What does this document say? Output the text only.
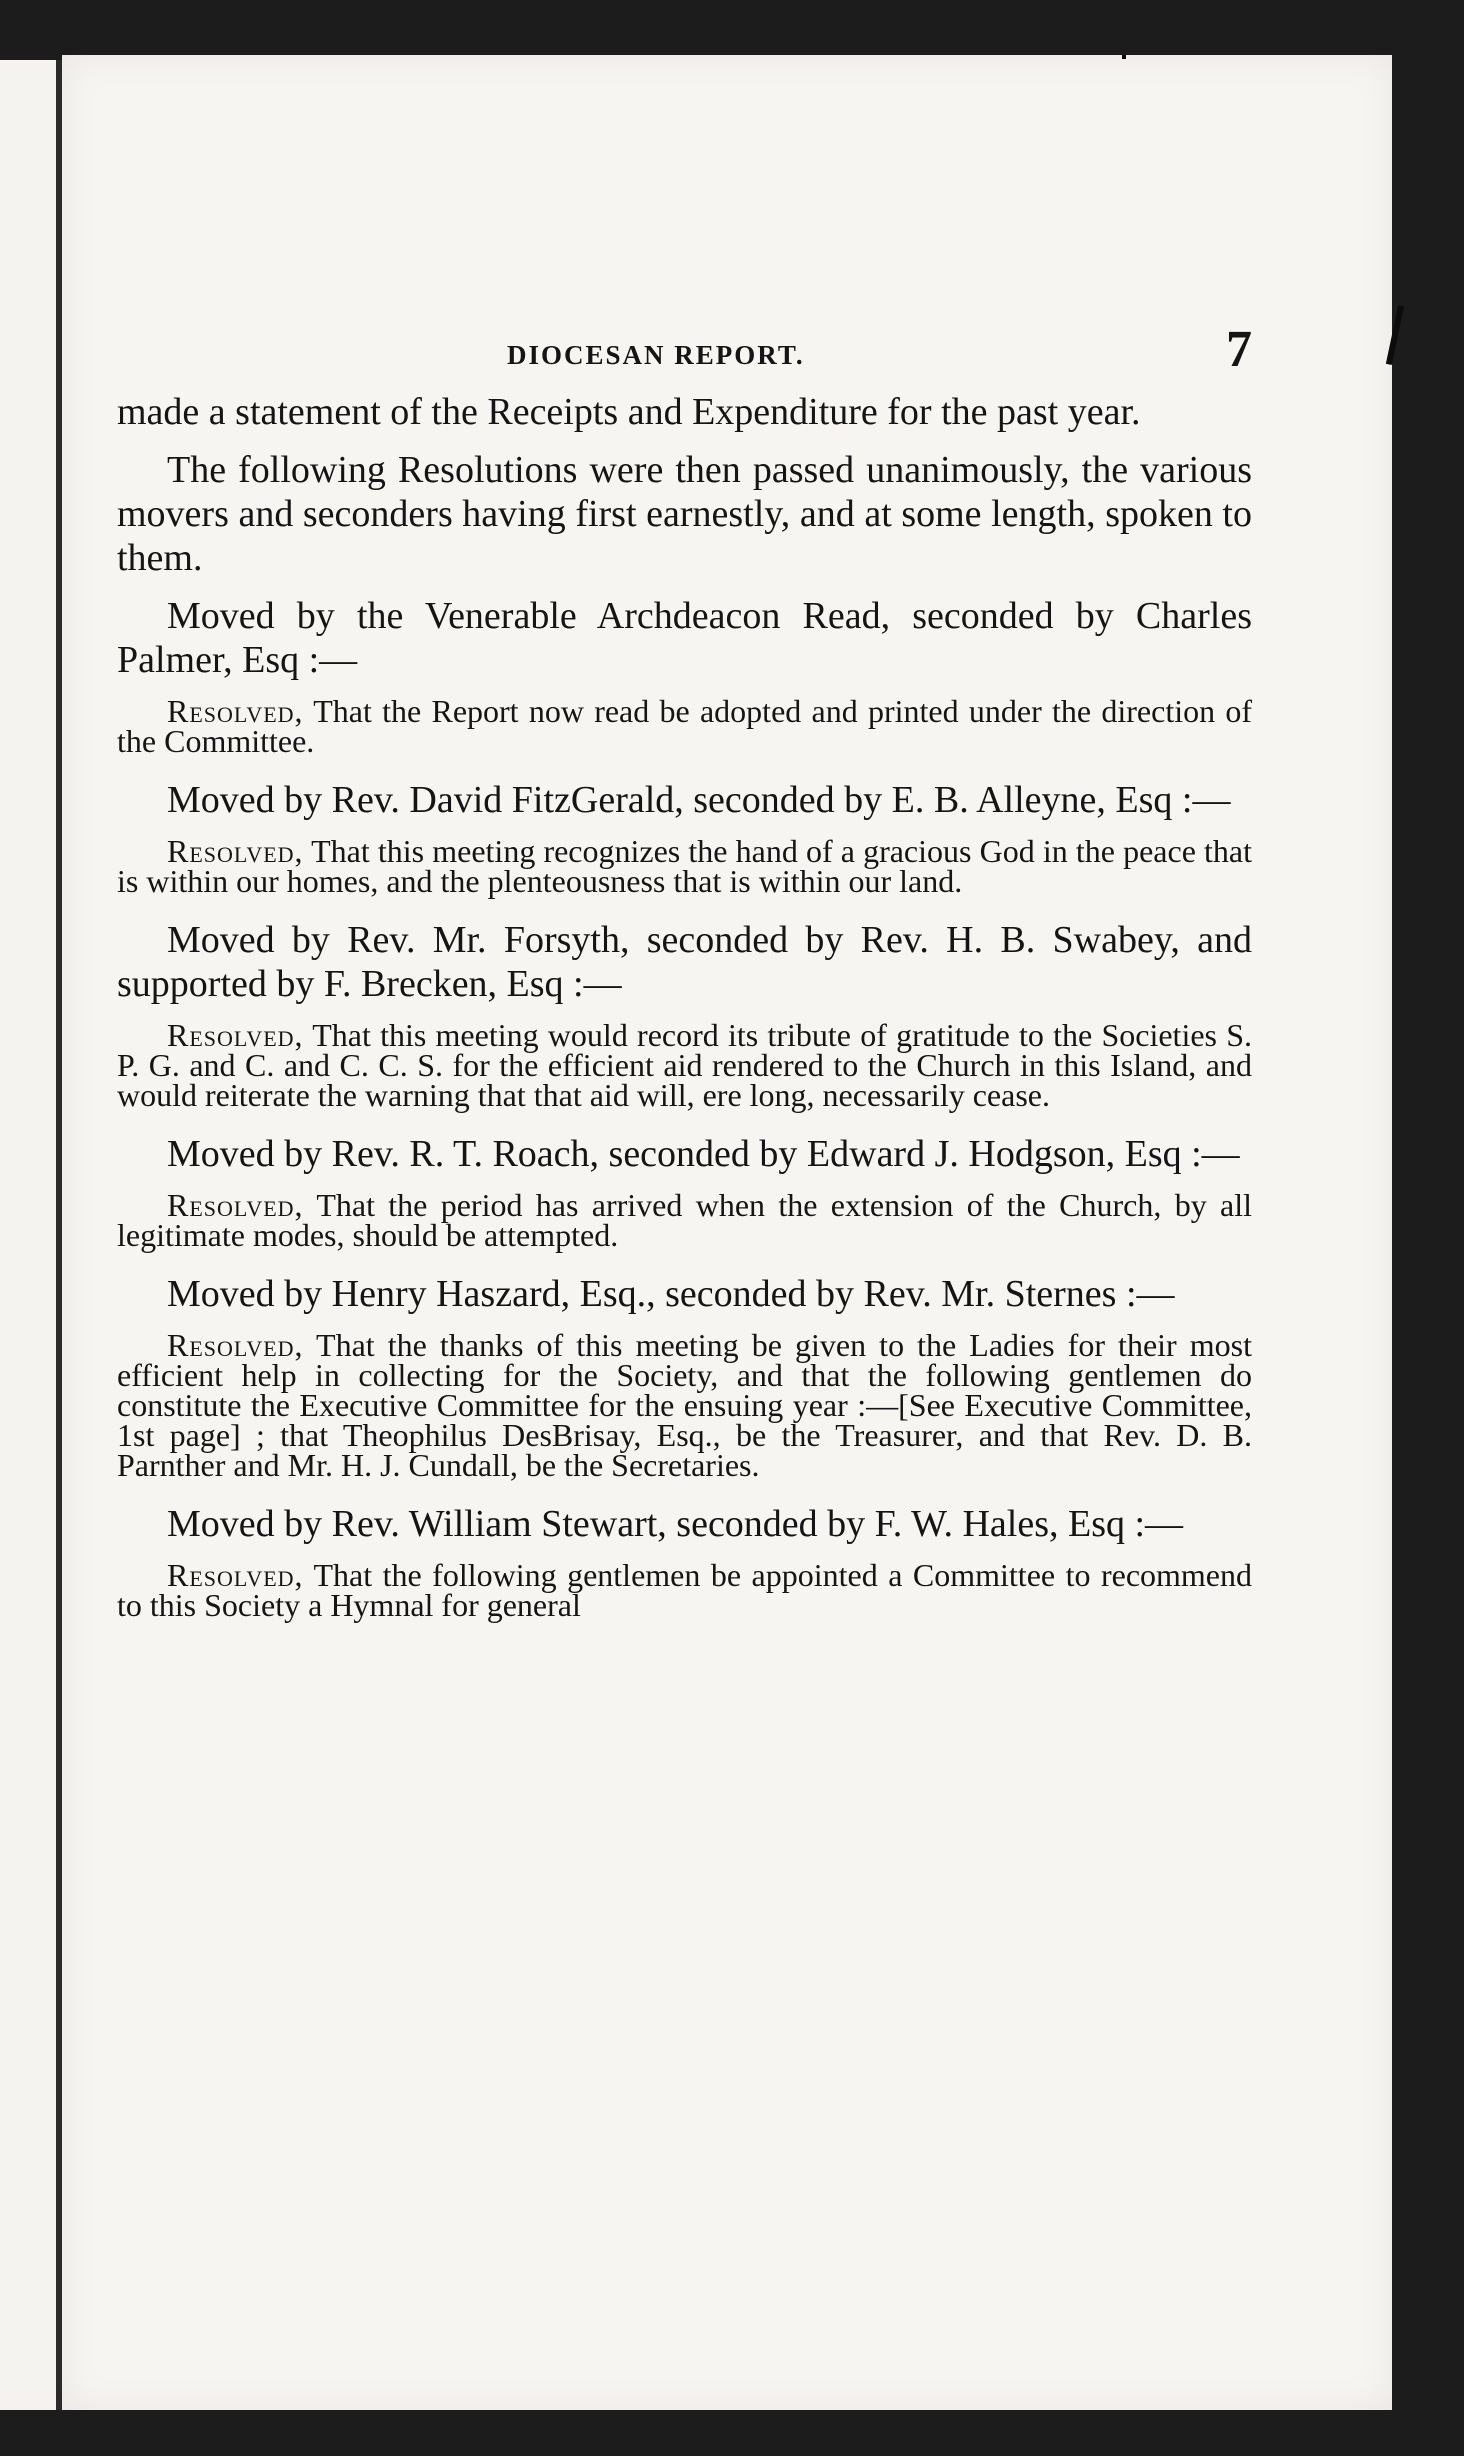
DIOCESAN REPORT.	7

made a statement of the Receipts and Expenditure for the past year.

The following Resolutions were then passed unanimously, the various movers and seconders having first earnestly, and at some length, spoken to them.

Moved by the Venerable Archdeacon Read, seconded by Charles Palmer, Esq :—

Resolved, That the Report now read be adopted and printed under the direction of the Committee.

Moved by Rev. David FitzGerald, seconded by E. B. Alleyne, Esq :—

Resolved, That this meeting recognizes the hand of a gracious God in the peace that is within our homes, and the plenteousness that is within our land.

Moved by Rev. Mr. Forsyth, seconded by Rev. H. B. Swabey, and supported by F. Brecken, Esq :—

Resolved, That this meeting would record its tribute of gratitude to the Societies S. P. G. and C. and C. C. S. for the efficient aid rendered to the Church in this Island, and would reiterate the warning that that aid will, ere long, necessarily cease.

Moved by Rev. R. T. Roach, seconded by Edward J. Hodgson, Esq :—

Resolved, That the period has arrived when the extension of the Church, by all legitimate modes, should be attempted.

Moved by Henry Haszard, Esq., seconded by Rev. Mr. Sternes :—

Resolved, That the thanks of this meeting be given to the Ladies for their most efficient help in collecting for the Society, and that the following gentlemen do constitute the Executive Committee for the ensuing year :—[See Executive Committee, 1st page] ; that Theophilus DesBrisay, Esq., be the Treasurer, and that Rev. D. B. Parnther and Mr. H. J. Cundall, be the Secretaries.

Moved by Rev. William Stewart, seconded by F. W. Hales, Esq :—

Resolved, That the following gentlemen be appointed a Committee to recommend to this Society a Hymnal for general
